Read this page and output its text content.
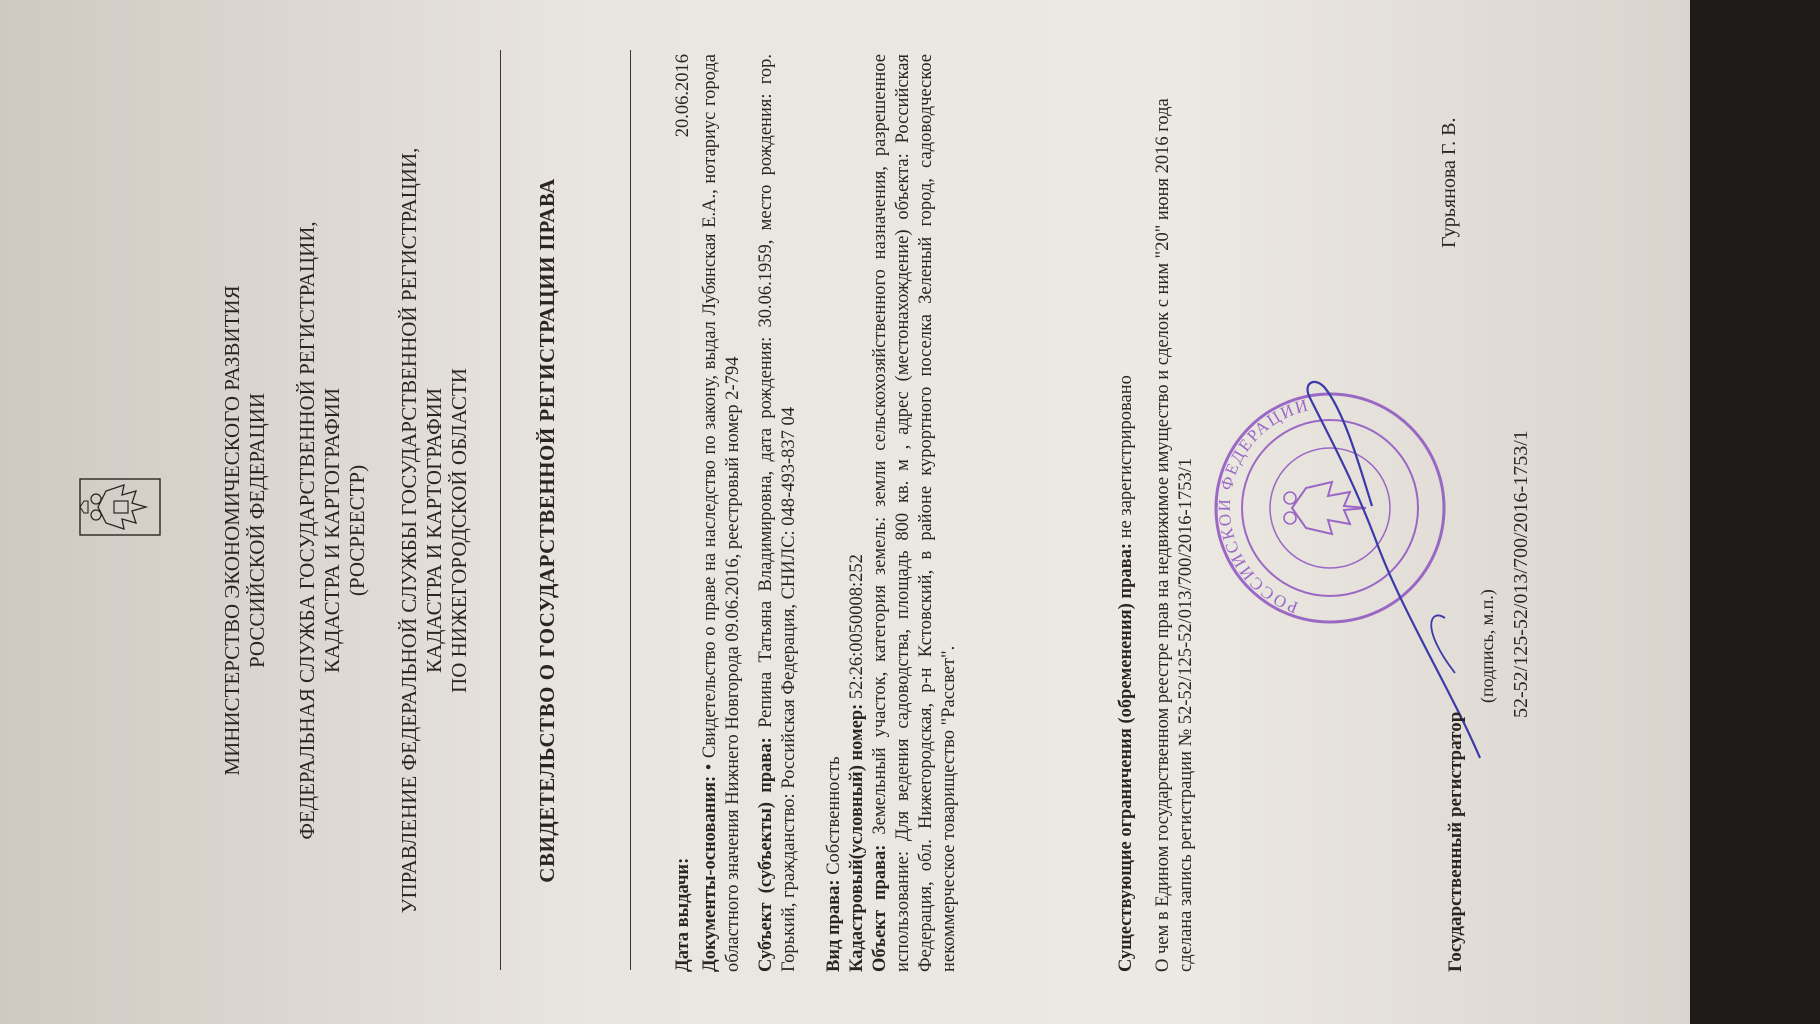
МИНИСТЕРСТВО ЭКОНОМИЧЕСКОГО РАЗВИТИЯ РОССИЙСКОЙ ФЕДЕРАЦИИ ФЕДЕРАЛЬНАЯ СЛУЖБА ГОСУДАРСТВЕННОЙ РЕГИСТРАЦИИ, КАДАСТРА И КАРТОГРАФИИ (РОСРЕЕСТР) УПРАВЛЕНИЕ ФЕДЕРАЛЬНОЙ СЛУЖБЫ ГОСУДАРСТВЕННОЙ РЕГИСТРАЦИИ, КАДАСТРА И КАРТОГРАФИИ ПО НИЖЕГОРОДСКОЙ ОБЛАСТИ	СВИДЕТЕЛЬСТВО О ГОСУДАРСТВЕННОЙ РЕГИСТРАЦИИ ПРАВА

Дата выдачи:
20.06.2016

Документы-основания: • Свидетельство о праве на наследство по закону, выдал Лубянская Е.А., нотариус города областного значения Нижнего Новгорода 09.06.2016, реестровый номер 2-794 Субъект (субъекты) права: Репина Татьяна Владимировна, дата рождения: 30.06.1959, место рождения: гор. Горький, гражданство: Российская Федерация, СНИЛС: 048-493-837 04 Вид права: Собственность Кадастровый(условный) номер: 52:26:0050008:252

Объект права: Земельный участок, категория земель: земли сельскохозяйственного назначения, разрешенное использование: Для ведения садоводства, площадь 800 кв. м , адрес (местонахождение) объекта: Российская Федерация, обл. Нижегородская, р-н Кстовский, в районе курортного поселка Зеленый город, садоводческое некоммерческое товарищество "Рассвет".	Существующие ограничения (обременения) права: не зарегистрировано О чем в Едином государственном реестре прав на недвижимое имущество и сделок с ним "20" июня 2016 года сделана запись регистрации № 52-52/125-52/013/700/2016-1753/1	РОССИЙСКОЙ ФЕДЕРАЦИИ
Государственный регистратор
Гурьянова Г. В.
(подпись, м.п.) 52-52/125-52/013/700/2016-1753/1
